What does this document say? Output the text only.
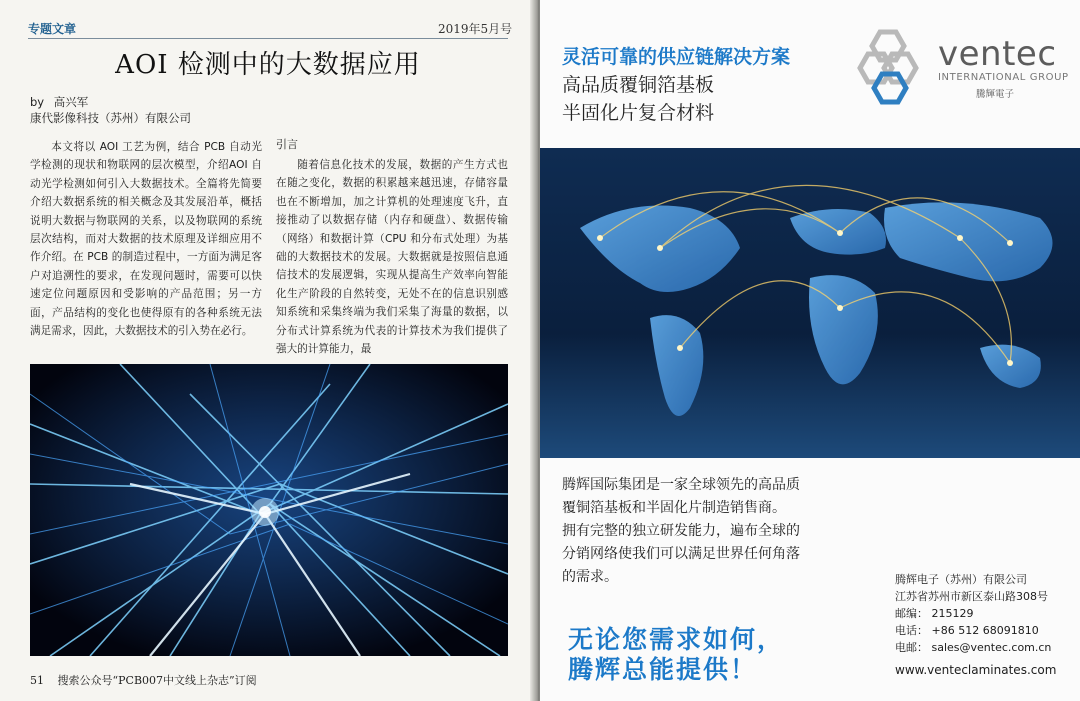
专题文章	2019年5月号
AOI 检测中的大数据应用
by 高兴军
康代影像科技（苏州）有限公司
本文将以 AOI 工艺为例，结合 PCB 自动光学检测的现状和物联网的层次模型，介绍AOI 自动光学检测如何引入大数据技术。全篇将先简要介绍大数据系统的相关概念及其发展沿革，概括说明大数据与物联网的关系，以及物联网的系统层次结构，而对大数据的技术原理及详细应用不作介绍。在 PCB 的制造过程中，一方面为满足客户对追溯性的要求，在发现问题时，需要可以快速定位问题原因和受影响的产品范围；另一方面，产品结构的变化也使得原有的各种系统无法满足需求，因此，大数据技术的引入势在必行。
引言
随着信息化技术的发展，数据的产生方式也在随之变化，数据的积累越来越迅速，存储容量也在不断增加，加之计算机的处理速度飞升，直接推动了以数据存储（内存和硬盘）、数据传输（网络）和数据计算（CPU 和分布式处理）为基础的大数据技术的发展。大数据就是按照信息通信技术的发展逻辑，实现从提高生产效率向智能化生产阶段的自然转变，无处不在的信息识别感知系统和采集终端为我们采集了海量的数据，以分布式计算系统为代表的计算技术为我们提供了强大的计算能力，最
51 搜索公众号“PCB007中文线上杂志”订阅
灵活可靠的供应链解决方案
高品质覆铜箔基板
半固化片复合材料
ventec
INTERNATIONAL GROUP
騰輝電子
腾辉国际集团是一家全球领先的高品质
覆铜箔基板和半固化片制造销售商。
拥有完整的独立研发能力，遍布全球的
分销网络使我们可以满足世界任何角落
的需求。	腾辉电子（苏州）有限公司
江苏省苏州市新区泰山路308号
邮编： 215129
电话： +86 512 68091810
电邮： sales@ventec.com.cn
无论您需求如何，
腾辉总能提供！	www.venteclaminates.com
